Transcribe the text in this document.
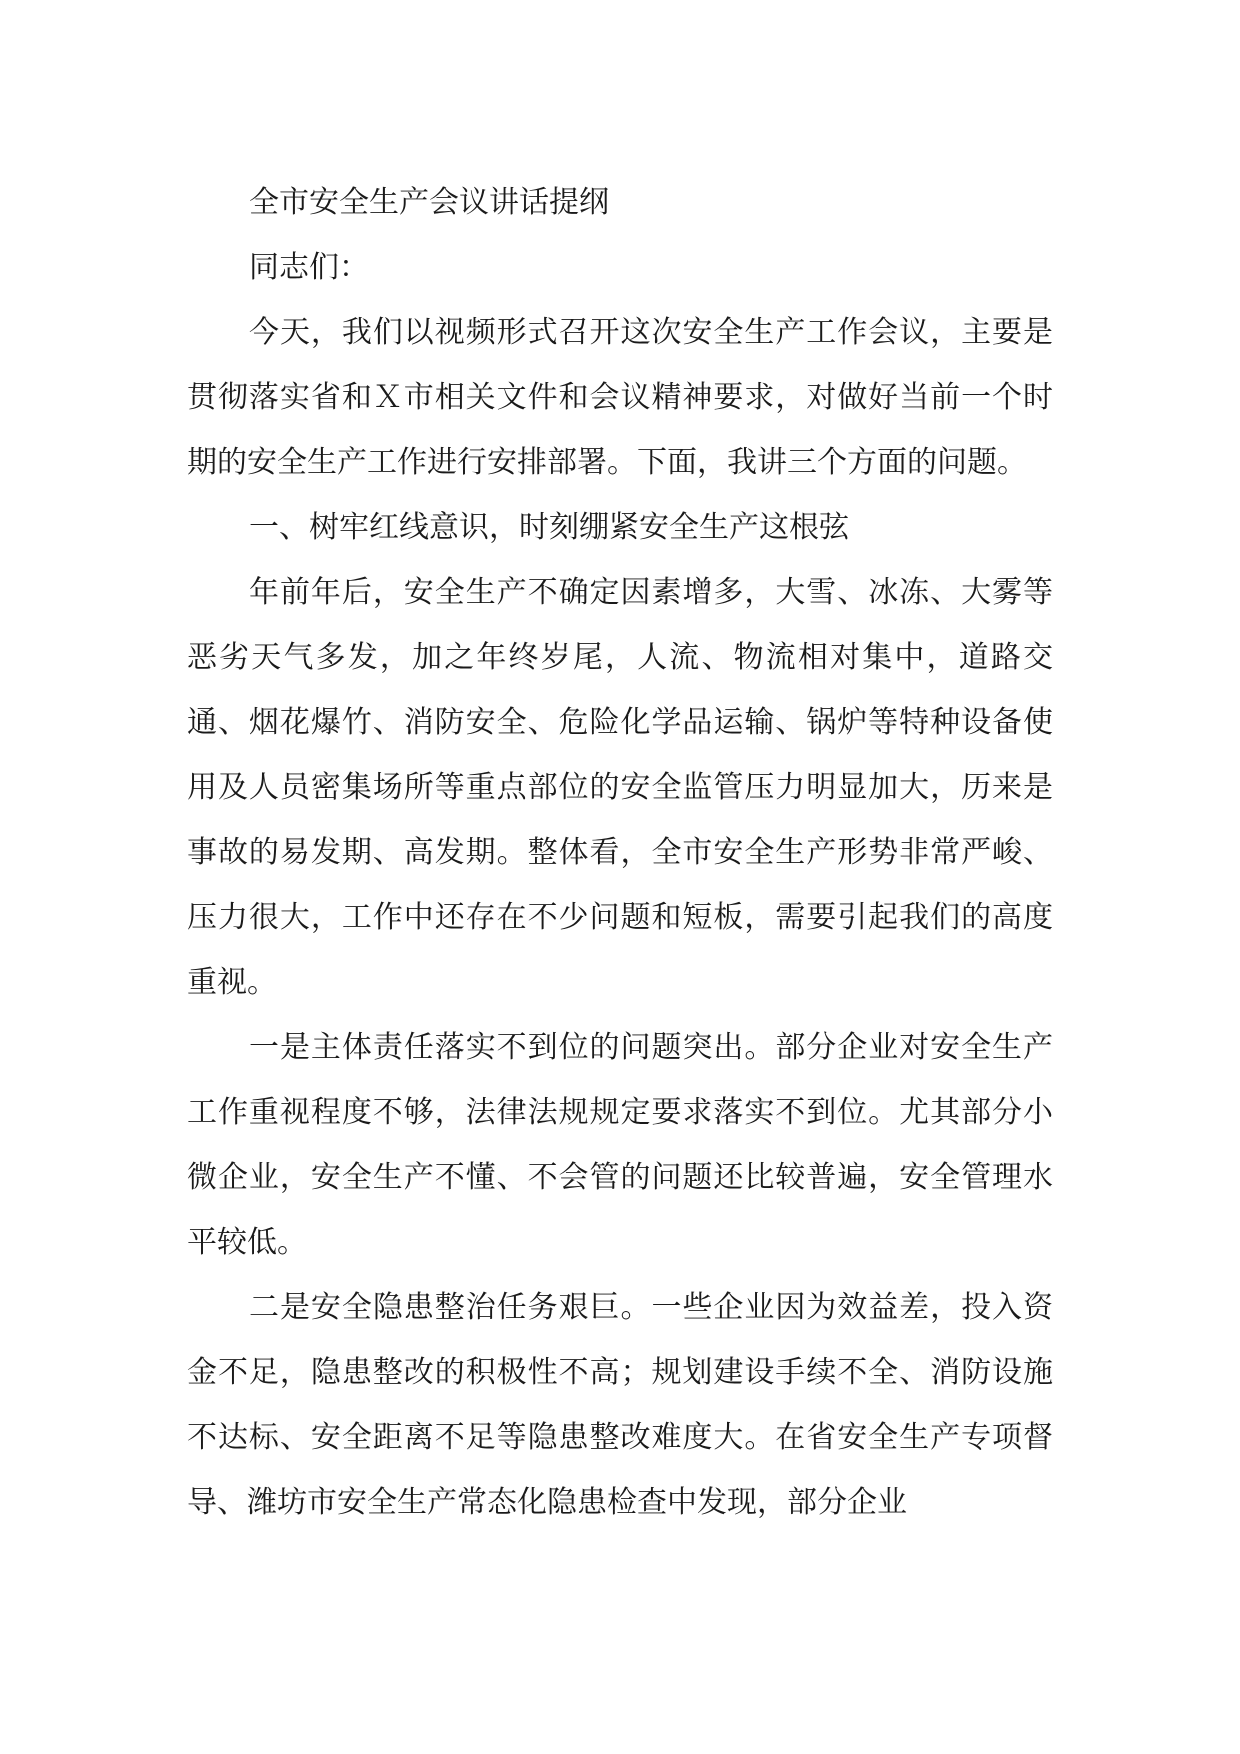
全市安全生产会议讲话提纲

同志们：

今天，我们以视频形式召开这次安全生产工作会议，主要是贯彻落实省和Ｘ市相关文件和会议精神要求，对做好当前一个时期的安全生产工作进行安排部署。下面，我讲三个方面的问题。

一、树牢红线意识，时刻绷紧安全生产这根弦

年前年后，安全生产不确定因素增多，大雪、冰冻、大雾等恶劣天气多发，加之年终岁尾，人流、物流相对集中，道路交通、烟花爆竹、消防安全、危险化学品运输、锅炉等特种设备使用及人员密集场所等重点部位的安全监管压力明显加大，历来是事故的易发期、高发期。整体看，全市安全生产形势非常严峻、压力很大，工作中还存在不少问题和短板，需要引起我们的高度重视。

一是主体责任落实不到位的问题突出。部分企业对安全生产工作重视程度不够，法律法规规定要求落实不到位。尤其部分小微企业，安全生产不懂、不会管的问题还比较普遍，安全管理水平较低。

二是安全隐患整治任务艰巨。一些企业因为效益差，投入资金不足，隐患整改的积极性不高；规划建设手续不全、消防设施不达标、安全距离不足等隐患整改难度大。在省安全生产专项督导、潍坊市安全生产常态化隐患检查中发现，部分企业
